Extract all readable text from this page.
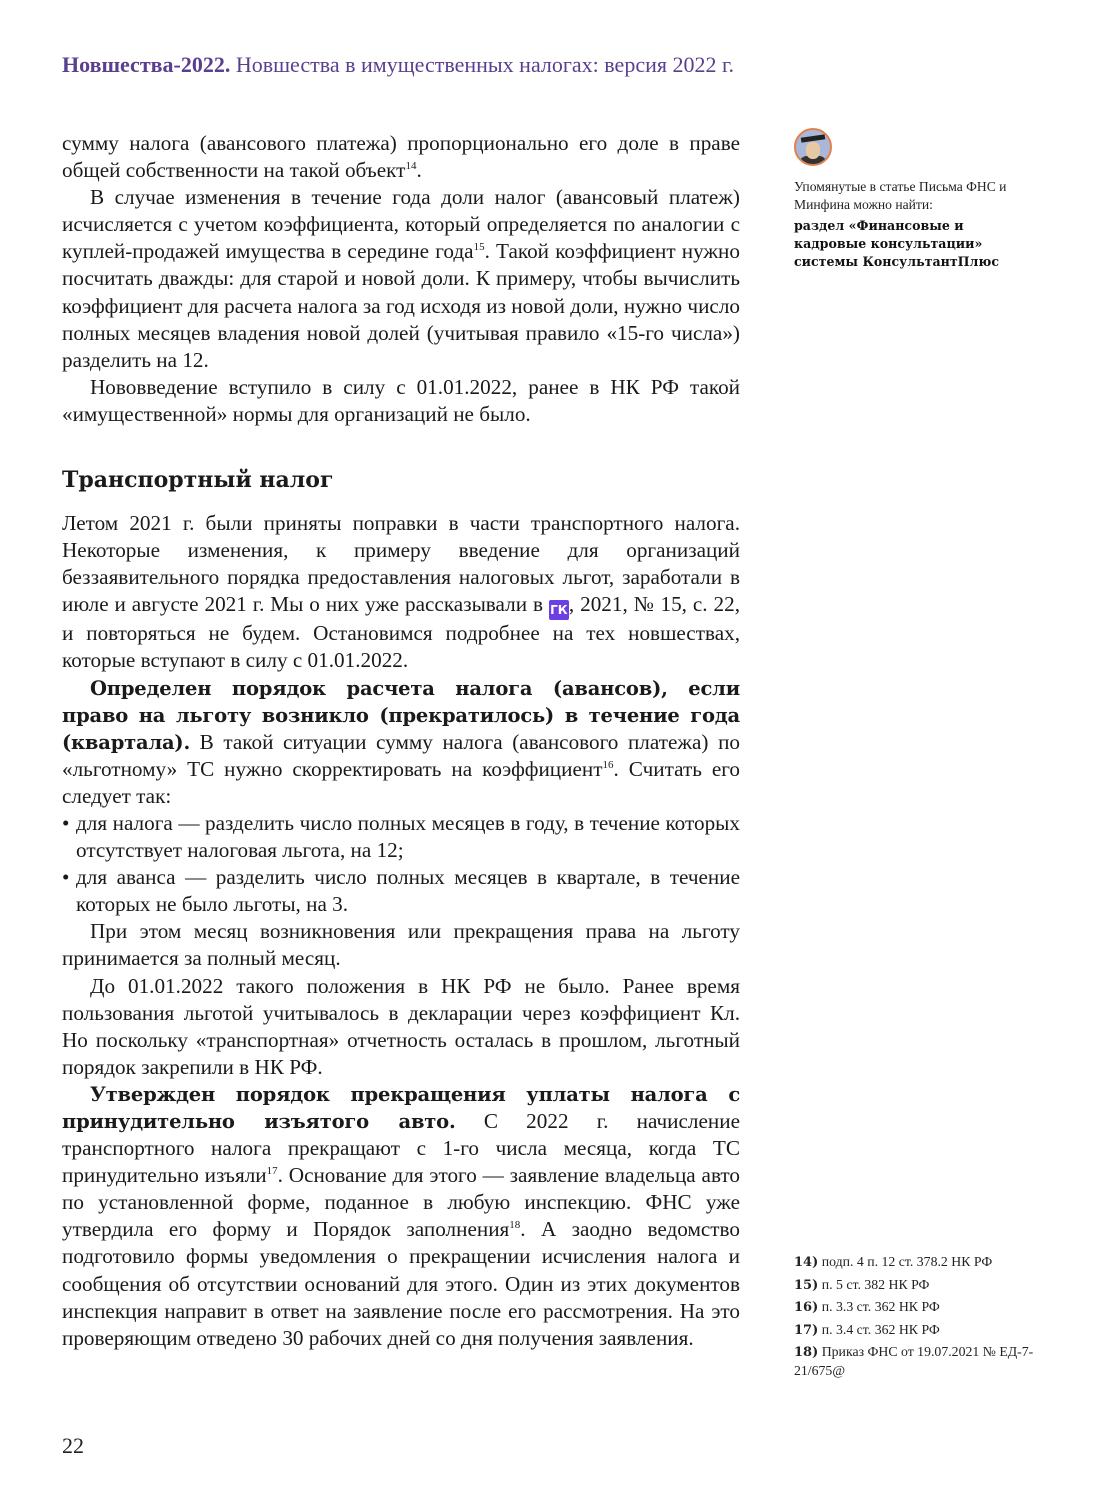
Новшества-2022. Новшества в имущественных налогах: версия 2022 г.

сумму налога (авансового платежа) пропорционально его доле в праве общей собственности на такой объект$^{14}$.

В случае изменения в течение года доли налог (авансовый платеж) исчисляется с учетом коэффициента, который определяется по аналогии с куплей-продажей имущества в середине года$^{15}$. Такой коэффициент нужно посчитать дважды: для старой и новой доли. К примеру, чтобы вычислить коэффициент для расчета налога за год исходя из новой доли, нужно число полных месяцев владения новой долей (учитывая правило «15-го числа») разделить на 12.

Нововведение вступило в силу с 01.01.2022, ранее в НК РФ такой «имущественной» нормы для организаций не было.

Транспортный налог

Летом 2021 г. были приняты поправки в части транспортного налога. Некоторые изменения, к примеру введение для организаций беззаявительного порядка предоставления налоговых льгот, заработали в июле и августе 2021 г. Мы о них уже рассказывали в ГК, 2021, № 15, с. 22, и повторяться не будем. Остановимся подробнее на тех новшествах, которые вступают в силу с 01.01.2022.

Определен порядок расчета налога (авансов), если право на льготу возникло (прекратилось) в течение года (квартала). В такой ситуации сумму налога (авансового платежа) по «льготному» ТС нужно скорректировать на коэффициент$^{16}$. Считать его следует так:

• для налога — разделить число полных месяцев в году, в течение которых отсутствует налоговая льгота, на 12;
• для аванса — разделить число полных месяцев в квартале, в течение которых не было льготы, на 3.

При этом месяц возникновения или прекращения права на льготу принимается за полный месяц.

До 01.01.2022 такого положения в НК РФ не было. Ранее время пользования льготой учитывалось в декларации через коэффициент Кл. Но поскольку «транспортная» отчетность осталась в прошлом, льготный порядок закрепили в НК РФ.

Утвержден порядок прекращения уплаты налога с принудительно изъятого авто. С 2022 г. начисление транспортного налога прекращают с 1-го числа месяца, когда ТС принудительно изъяли$^{17}$. Основание для этого — заявление владельца авто по установленной форме, поданное в любую инспекцию. ФНС уже утвердила его форму и Порядок заполнения$^{18}$. А заодно ведомство подготовило формы уведомления о прекращении исчисления налога и сообщения об отсутствии оснований для этого. Один из этих документов инспекция направит в ответ на заявление после его рассмотрения. На это проверяющим отведено 30 рабочих дней со дня получения заявления.

Упомянутые в статье Письма ФНС и Минфина можно найти:
раздел «Финансовые и кадровые консультации» системы КонсультантПлюс
14) подп. 4 п. 12 ст. 378.2 НК РФ
15) п. 5 ст. 382 НК РФ
16) п. 3.3 ст. 362 НК РФ
17) п. 3.4 ст. 362 НК РФ
18) Приказ ФНС от 19.07.2021 № ЕД-7-21/675@
22
